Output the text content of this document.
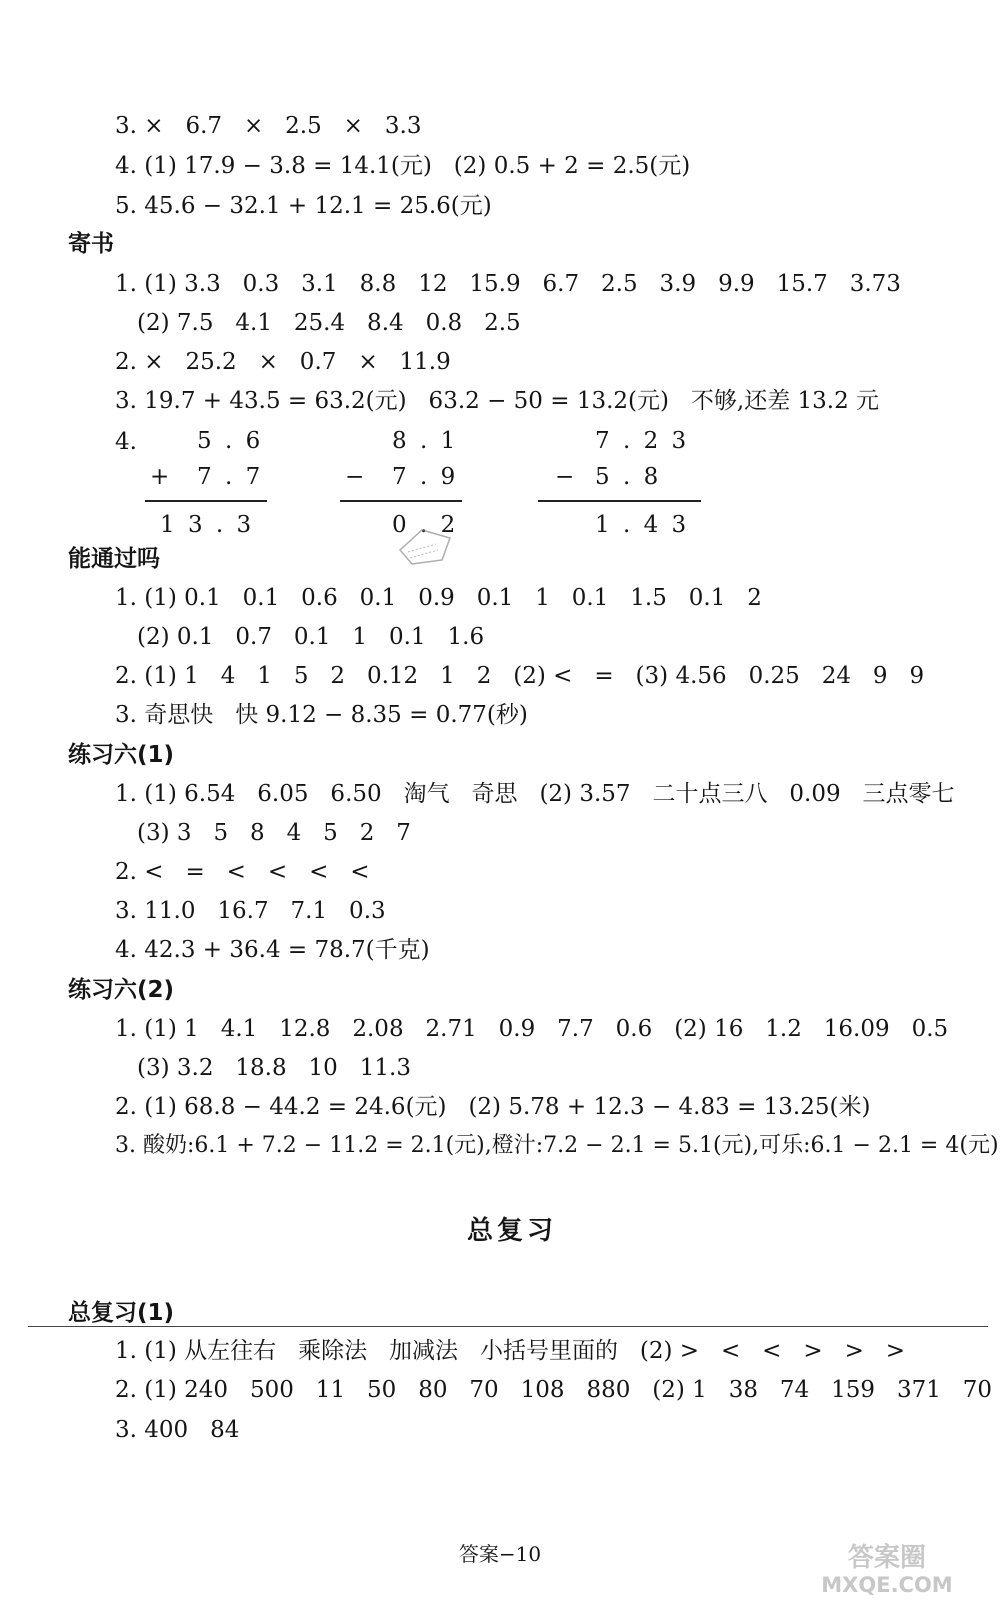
3. ×   6.7   ×   2.5   ×   3.3
4. (1) 17.9 − 3.8 = 14.1(元)   (2) 0.5 + 2 = 2.5(元)
5. 45.6 − 32.1 + 12.1 = 25.6(元)
寄书
1. (1) 3.3   0.3   3.1   8.8   12   15.9   6.7   2.5   3.9   9.9   15.7   3.73
(2) 7.5   4.1   25.4   8.4   0.8   2.5
2. ×   25.2   ×   0.7   ×   11.9
3. 19.7 + 43.5 = 63.2(元)   63.2 − 50 = 13.2(元)   不够,还差 13.2 元
4.	5 . 6
+ 7 . 7
1 3 . 3
8 . 1
− 7 . 9
0 . 2
7 . 2 3
− 5 . 8
1 . 4 3
能通过吗
1. (1) 0.1   0.1   0.6   0.1   0.9   0.1   1   0.1   1.5   0.1   2
(2) 0.1   0.7   0.1   1   0.1   1.6
2. (1) 1   4   1   5   2   0.12   1   2   (2) <   =   (3) 4.56   0.25   24   9   9
3. 奇思快   快 9.12 − 8.35 = 0.77(秒)
练习六(1)
1. (1) 6.54   6.05   6.50   淘气   奇思   (2) 3.57   二十点三八   0.09   三点零七
(3) 3   5   8   4   5   2   7
2. <   =   <   <   <   <
3. 11.0   16.7   7.1   0.3
4. 42.3 + 36.4 = 78.7(千克)
练习六(2)
1. (1) 1   4.1   12.8   2.08   2.71   0.9   7.7   0.6   (2) 16   1.2   16.09   0.5
(3) 3.2   18.8   10   11.3
2. (1) 68.8 − 44.2 = 24.6(元)   (2) 5.78 + 12.3 − 4.83 = 13.25(米)
3. 酸奶:6.1 + 7.2 − 11.2 = 2.1(元),橙汁:7.2 − 2.1 = 5.1(元),可乐:6.1 − 2.1 = 4(元)
总复习
总复习(1)
1. (1) 从左往右   乘除法   加减法   小括号里面的   (2) >   <   <   >   >   >
2. (1) 240   500   11   50   80   70   108   880   (2) 1   38   74   159   371   70
3. 400   84
答案−10	答案圈
MXQE.COM
